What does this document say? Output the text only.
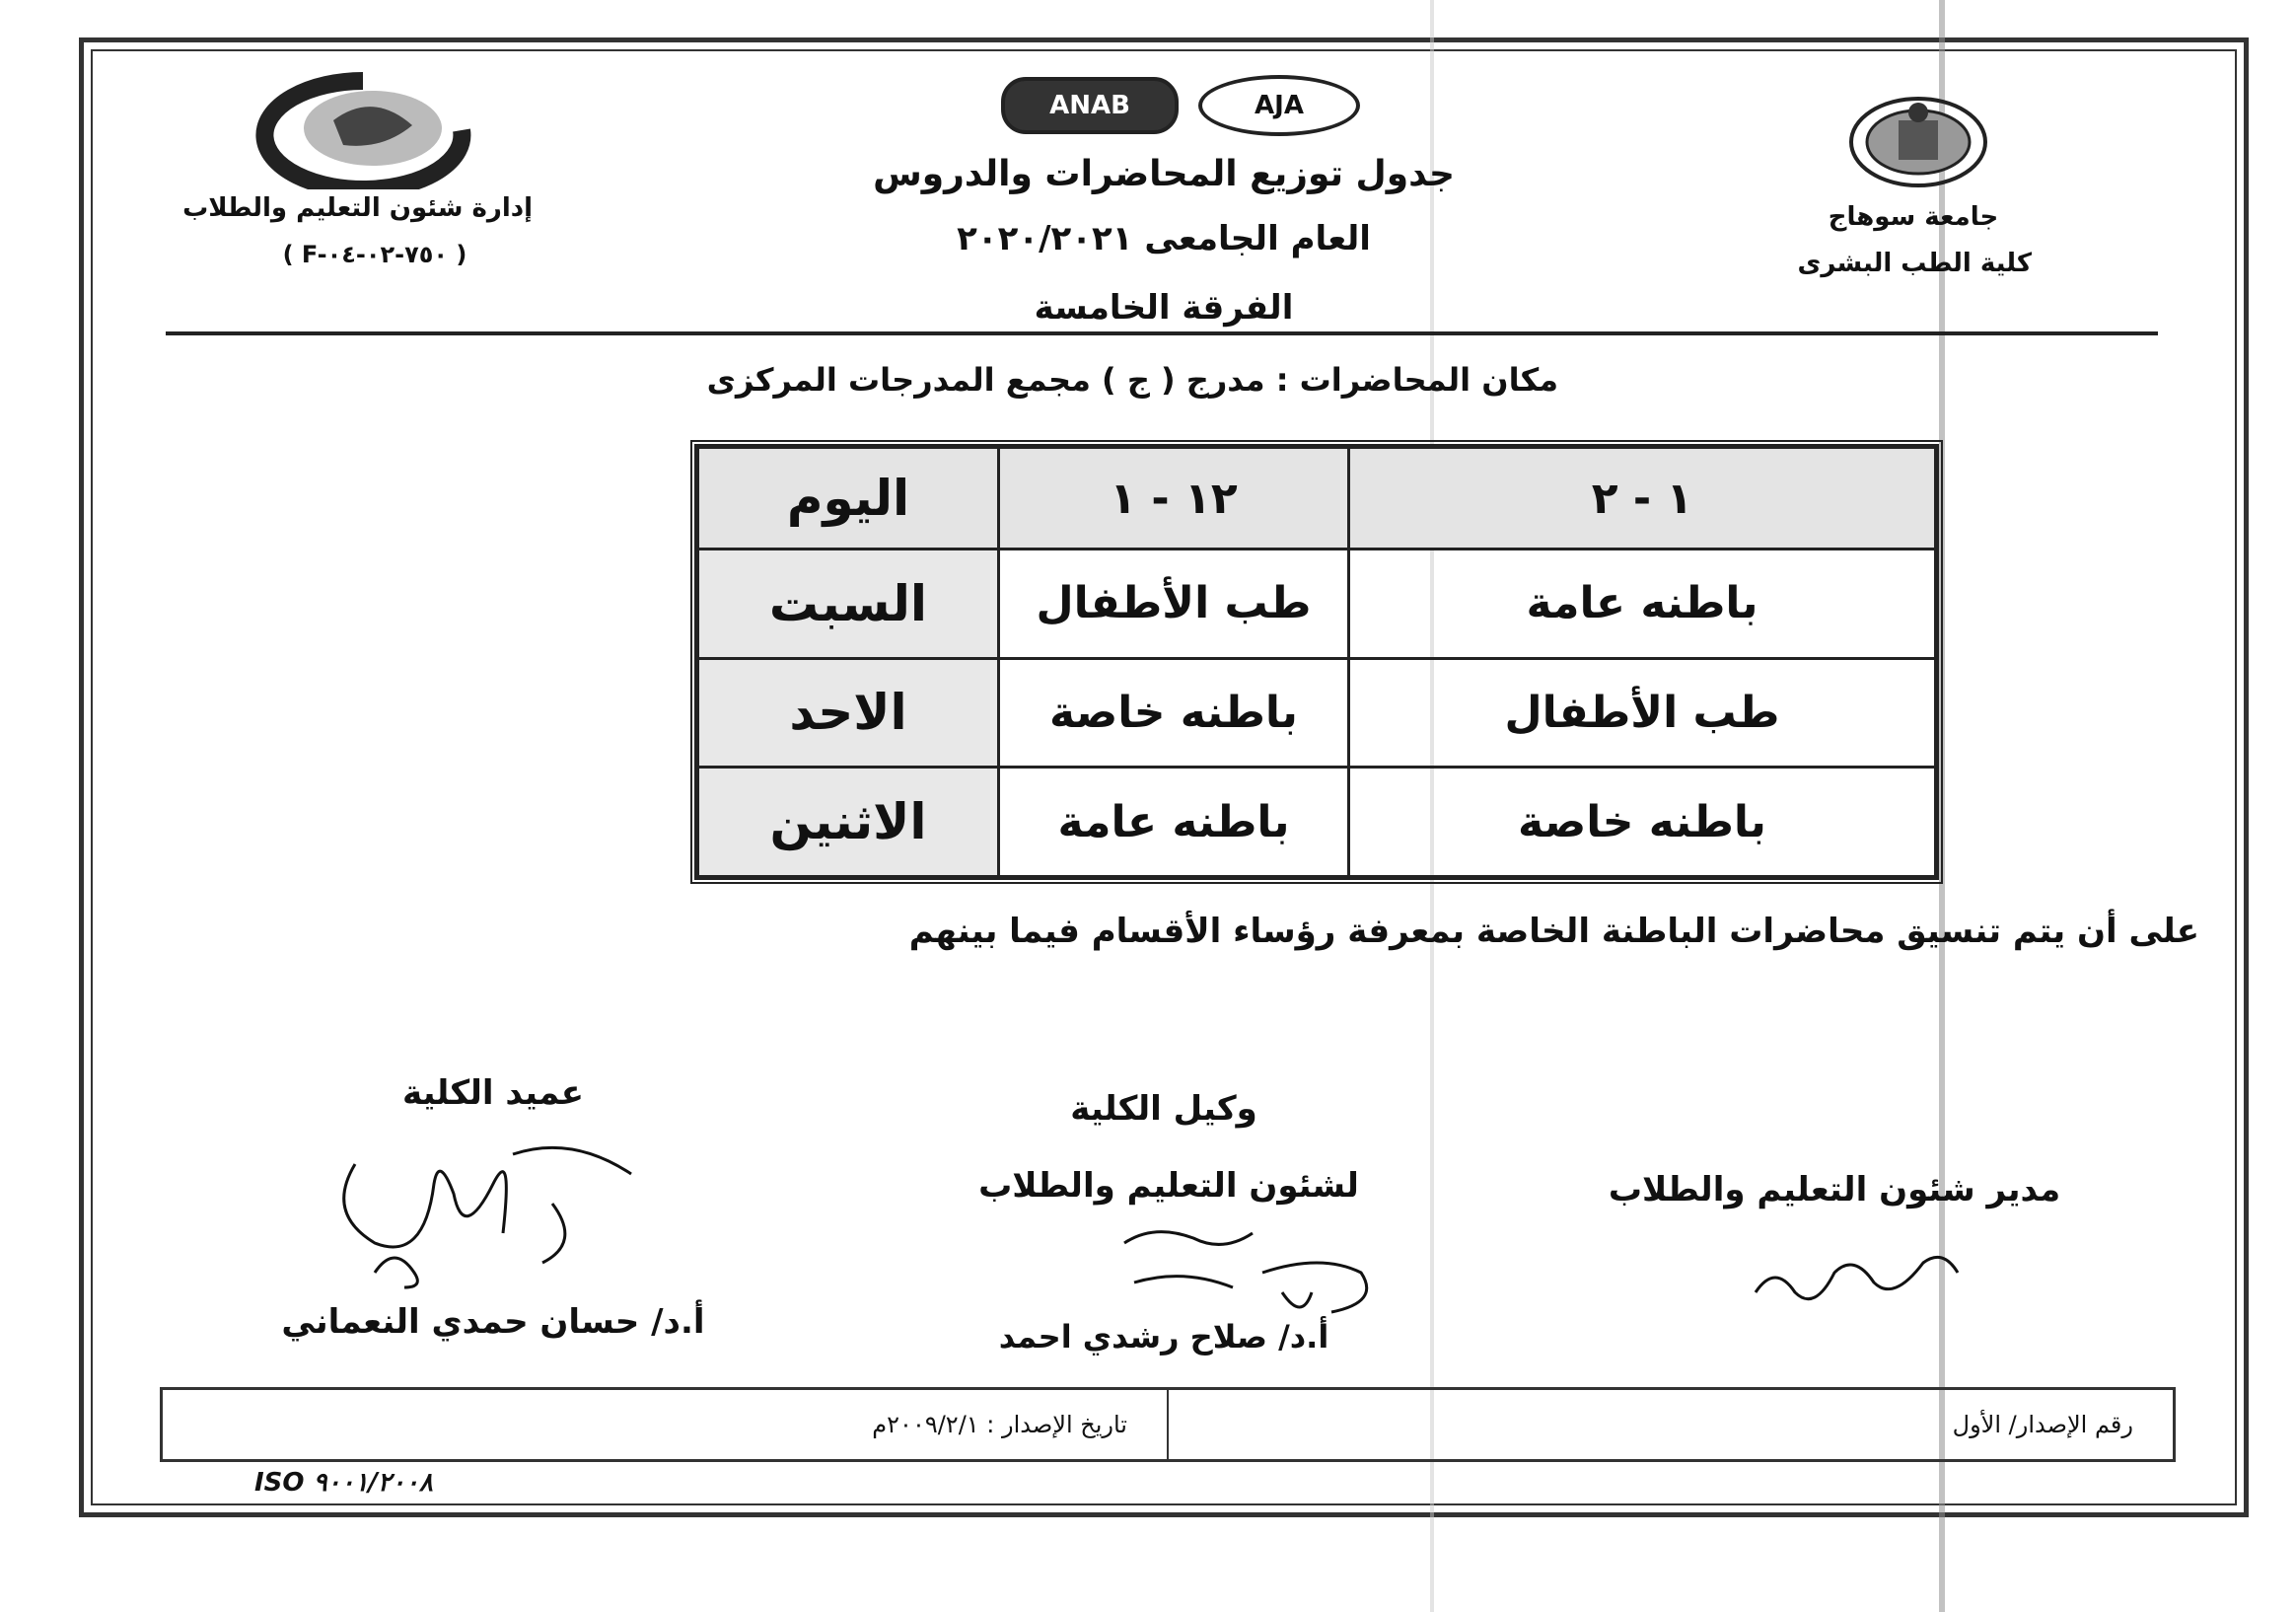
ANAB	AJA
جامعة سوهاج
كلية الطب البشرى
إدارة شئون التعليم والطلاب
( F-٧٥٠-٠٢-٠٤ )
جدول توزيع المحاضرات والدروس
العام الجامعى ٢٠٢٠/٢٠٢١
الفرقة الخامسة
مكان المحاضرات : مدرج ( ج ) مجمع المدرجات المركزى
اليوم	١٢ - ١	١ - ٢
السبت	طب الأطفال	باطنه عامة
الاحد	باطنه خاصة	طب الأطفال
الاثنين	باطنه عامة	باطنه خاصة
على أن يتم تنسيق محاضرات الباطنة الخاصة بمعرفة رؤساء الأقسام فيما بينهم
عميد الكلية
أ.د/ حسان حمدي النعماني
وكيل الكلية
لشئون التعليم والطلاب
أ.د/ صلاح رشدي احمد
مدير شئون التعليم والطلاب
تاريخ الإصدار : ٢٠٠٩/٢/١م	رقم الإصدار/ الأول
ISO ٩٠٠١/٢٠٠٨
